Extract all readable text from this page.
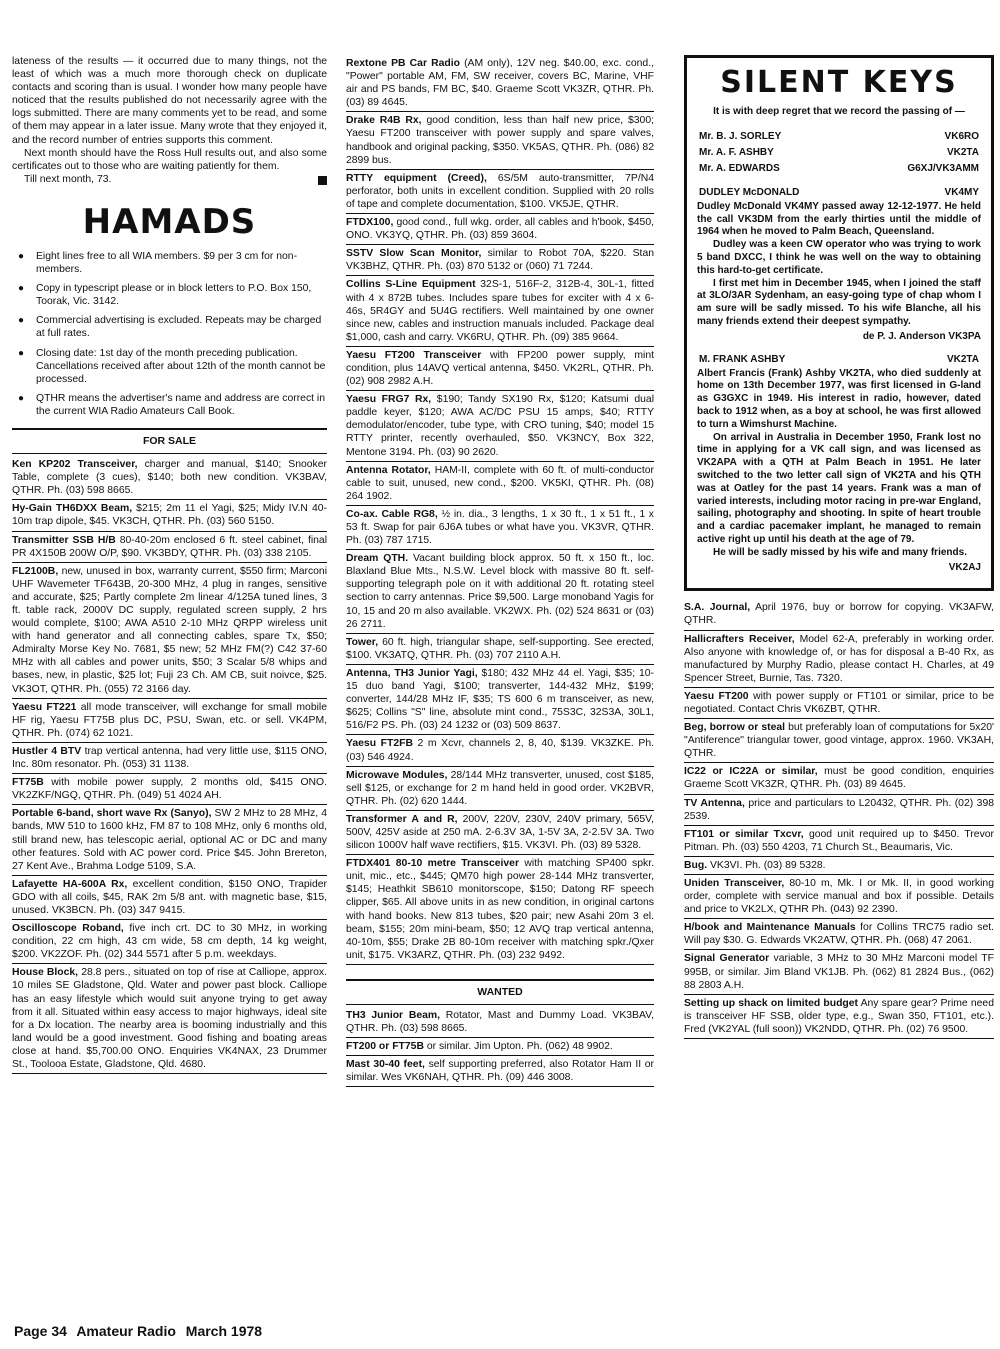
lateness of the results — it occurred due to many things, not the least of which was a much more thorough check on duplicate contacts and scoring than is usual. I wonder how many people have noticed that the results published do not necessarily agree with the logs submitted. There are many comments yet to be read, and some of them may appear in a later issue. Many wrote that they enjoyed it, and the record number of entries supports this comment.

Next month should have the Ross Hull results out, and also some certificates out to those who are waiting patiently for them.

Till next month, 73.

HAMADS
● Eight lines free to all WIA members. $9 per 3 cm for non-members.
● Copy in typescript please or in block letters to P.O. Box 150, Toorak, Vic. 3142.
● Commercial advertising is excluded. Repeats may be charged at full rates.
● Closing date: 1st day of the month preceding publication. Cancellations received after about 12th of the month cannot be processed.
● QTHR means the advertiser's name and address are correct in the current WIA Radio Amateurs Call Book.
FOR SALE

Ken KP202 Transceiver, charger and manual, $140; Snooker Table, complete (3 cues), $140; both new condition. VK3BAV, QTHR. Ph. (03) 598 8665.

Hy-Gain TH6DXX Beam, $215; 2m 11 el Yagi, $25; Midy IV.N 40-10m trap dipole, $45. VK3CH, QTHR. Ph. (03) 560 5150.

Transmitter SSB H/B 80-40-20m enclosed 6 ft. steel cabinet, final PR 4X150B 200W O/P, $90. VK3BDY, QTHR. Ph. (03) 338 2105.

FL2100B, new, unused in box, warranty current, $550 firm; Marconi UHF Wavemeter TF643B, 20-300 MHz, 4 plug in ranges, sensitive and accurate, $25; Partly complete 2m linear 4/125A tuned lines, 3 ft. table rack, 2000V DC supply, regulated screen supply, 2 hrs would complete, $100; AWA A510 2-10 MHz QRPP wireless unit with hand generator and all connecting cables, spare Tx, $50; Admiralty Morse Key No. 7681, $5 new; 52 MHz FM(?) C42 37-60 MHz with all cables and power units, $50; 3 Scalar 5/8 whips and bases, new, in plastic, $25 lot; Fuji 23 Ch. AM CB, suit noivce, $25. VK3OT, QTHR. Ph. (055) 72 3166 day.

Yaesu FT221 all mode transceiver, will exchange for small mobile HF rig, Yaesu FT75B plus DC, PSU, Swan, etc. or sell. VK4PM, QTHR. Ph. (074) 62 1021.

Hustler 4 BTV trap vertical antenna, had very little use, $115 ONO, Inc. 80m resonator. Ph. (053) 31 1138.

FT75B with mobile power supply, 2 months old, $415 ONO. VK2ZKF/NGQ, QTHR. Ph. (049) 51 4024 AH.

Portable 6-band, short wave Rx (Sanyo), SW 2 MHz to 28 MHz, 4 bands, MW 510 to 1600 kHz, FM 87 to 108 MHz, only 6 months old, still brand new, has telescopic aerial, optional AC or DC and many other features. Sold with AC power cord. Price $45. John Brereton, 27 Kent Ave., Brahma Lodge 5109, S.A.

Lafayette HA-600A Rx, excellent condition, $150 ONO, Trapider GDO with all coils, $45, RAK 2m 5/8 ant. with magnetic base, $15, unused. VK3BCN. Ph. (03) 347 9415.

Oscilloscope Roband, five inch crt. DC to 30 MHz, in working condition, 22 cm high, 43 cm wide, 58 cm depth, 14 kg weight, $200. VK2ZOF. Ph. (02) 344 5571 after 5 p.m. weekdays.

House Block, 28.8 pers., situated on top of rise at Calliope, approx. 10 miles SE Gladstone, Qld. Water and power past block. Calliope has an easy lifestyle which would suit anyone trying to get away from it all. Situated within easy access to major highways, ideal site for a Dx location. The nearby area is booming industrially and this land would be a good investment. Good fishing and boating areas close at hand. $5,700.00 ONO. Enquiries VK4NAX, 23 Drummer St., Toolooa Estate, Gladstone, Qld. 4680.

Rextone PB Car Radio (AM only), 12V neg. $40.00, exc. cond., "Power" portable AM, FM, SW receiver, covers BC, Marine, VHF air and PS bands, FM BC, $40. Graeme Scott VK3ZR, QTHR. Ph. (03) 89 4645.

Drake R4B Rx, good condition, less than half new price, $300; Yaesu FT200 transceiver with power supply and spare valves, handbook and original packing, $350. VK5AS, QTHR. Ph. (086) 82 2899 bus.

RTTY equipment (Creed), 6S/5M auto-transmitter, 7P/N4 perforator, both units in excellent condition. Supplied with 20 rolls of tape and complete documentation, $100. VK5JE, QTHR.

FTDX100, good cond., full wkg. order, all cables and h'book, $450, ONO. VK3YQ, QTHR. Ph. (03) 859 3604.

SSTV Slow Scan Monitor, similar to Robot 70A, $220. Stan VK3BHZ, QTHR. Ph. (03) 870 5132 or (060) 71 7244.

Collins S-Line Equipment 32S-1, 516F-2, 312B-4, 30L-1, fitted with 4 x 872B tubes. Includes spare tubes for exciter with 4 x 6-46s, 5R4GY and 5U4G rectifiers. Well maintained by one owner since new, cables and instruction manuals included. Package deal $1,000, cash and carry. VK6RU, QTHR. Ph. (09) 385 9664.

Yaesu FT200 Transceiver with FP200 power supply, mint condition, plus 14AVQ vertical antenna, $450. VK2RL, QTHR. Ph. (02) 908 2982 A.H.

Yaesu FRG7 Rx, $190; Tandy SX190 Rx, $120; Katsumi dual paddle keyer, $120; AWA AC/DC PSU 15 amps, $40; RTTY demodulator/encoder, tube type, with CRO tuning, $40; model 15 RTTY printer, recently overhauled, $50. VK3NCY, Box 322, Mentone 3194. Ph. (03) 90 2620.

Antenna Rotator, HAM-II, complete with 60 ft. of multi-conductor cable to suit, unused, new cond., $200. VK5KI, QTHR. Ph. (08) 264 1902.

Co-ax. Cable RG8, ½ in. dia., 3 lengths, 1 x 30 ft., 1 x 51 ft., 1 x 53 ft. Swap for pair 6J6A tubes or what have you. VK3VR, QTHR. Ph. (03) 787 1715.

Dream QTH. Vacant building block approx. 50 ft. x 150 ft., loc. Blaxland Blue Mts., N.S.W. Level block with massive 80 ft. self-supporting telegraph pole on it with additional 20 ft. rotating steel section to carry antennas. Price $9,500. Large monoband Yagis for 10, 15 and 20 m also available. VK2WX. Ph. (02) 524 8631 or (03) 26 2711.

Tower, 60 ft. high, triangular shape, self-supporting. See erected, $100. VK3ATQ, QTHR. Ph. (03) 707 2110 A.H.

Antenna, TH3 Junior Yagi, $180; 432 MHz 44 el. Yagi, $35; 10-15 duo band Yagi, $100; transverter, 144-432 MHz, $199; converter, 144/28 MHz IF, $35; TS 600 6 m transceiver, as new, $625; Collins "S" line, absolute mint cond., 75S3C, 32S3A, 30L1, 516/F2 PS. Ph. (03) 24 1232 or (03) 509 8637.

Yaesu FT2FB 2 m Xcvr, channels 2, 8, 40, $139. VK3ZKE. Ph. (03) 546 4924.

Microwave Modules, 28/144 MHz transverter, unused, cost $185, sell $125, or exchange for 2 m hand held in good order. VK2BVR, QTHR. Ph. (02) 620 1444.

Transformer A and R, 200V, 220V, 230V, 240V primary, 565V, 500V, 425V aside at 250 mA. 2-6.3V 3A, 1-5V 3A, 2-2.5V 3A. Two silicon 1000V half wave rectifiers, $15. VK3VI. Ph. (03) 89 5328.

FTDX401 80-10 metre Transceiver with matching SP400 spkr. unit, mic., etc., $445; QM70 high power 28-144 MHz transverter, $145; Heathkit SB610 monitorscope, $150; Datong RF speech clipper, $65. All above units in as new condition, in original cartons with hand books. New 813 tubes, $20 pair; new Asahi 20m 3 el. beam, $155; 20m mini-beam, $50; 12 AVQ trap vertical antenna, 40-10m, $55; Drake 2B 80-10m receiver with matching spkr./Qxer unit, $175. VK3ARZ, QTHR. Ph. (03) 232 9492.

WANTED

TH3 Junior Beam, Rotator, Mast and Dummy Load. VK3BAV, QTHR. Ph. (03) 598 8665.

FT200 or FT75B or similar. Jim Upton. Ph. (062) 48 9902.

Mast 30-40 feet, self supporting preferred, also Rotator Ham II or similar. Wes VK6NAH, QTHR. Ph. (09) 446 3008.

SILENT KEYS

It is with deep regret that we record the passing of —

Mr. B. J. SORLEY	VK6RO
Mr. A. F. ASHBY	VK2TA
Mr. A. EDWARDS	G6XJ/VK3AMM
DUDLEY McDONALD	VK4MY

Dudley McDonald VK4MY passed away 12-12-1977. He held the call VK3DM from the early thirties until the middle of 1964 when he moved to Palm Beach, Queensland.

Dudley was a keen CW operator who was trying to work 5 band DXCC, I think he was well on the way to obtaining this hard-to-get certificate.

I first met him in December 1945, when I joined the staff at 3LO/3AR Sydenham, an easy-going type of chap whom I am sure will be sadly missed. To his wife Blanche, all his many friends extend their deepest sympathy.

de P. J. Anderson VK3PA

M. FRANK ASHBY	VK2TA

Albert Francis (Frank) Ashby VK2TA, who died suddenly at home on 13th December 1977, was first licensed in G-land as G3GXC in 1949. His interest in radio, however, dated back to 1912 when, as a boy at school, he was first allowed to turn a Wimshurst Machine.

On arrival in Australia in December 1950, Frank lost no time in applying for a VK call sign, and was licensed as VK2APA with a QTH at Palm Beach in 1951. He later switched to the two letter call sign of VK2TA and his QTH was at Oatley for the past 14 years. Frank was a man of varied interests, including motor racing in pre-war England, sailing, photography and shooting. In spite of heart trouble and a cardiac pacemaker implant, he managed to remain active right up until his death at the age of 79.

He will be sadly missed by his wife and many friends.

VK2AJ

S.A. Journal, April 1976, buy or borrow for copying. VK3AFW, QTHR.

Hallicrafters Receiver, Model 62-A, preferably in working order. Also anyone with knowledge of, or has for disposal a B-40 Rx, as manufactured by Murphy Radio, please contact H. Charles, at 49 Spencer Street, Burnie, Tas. 7320.

Yaesu FT200 with power supply or FT101 or similar, price to be negotiated. Contact Chris VK6ZBT, QTHR.

Beg, borrow or steal but preferably loan of computations for 5x20' "Antiference" triangular tower, good vintage, approx. 1960. VK3AH, QTHR.

IC22 or IC22A or similar, must be good condition, enquiries Graeme Scott VK3ZR, QTHR. Ph. (03) 89 4645.

TV Antenna, price and particulars to L20432, QTHR. Ph. (02) 398 2539.

FT101 or similar Txcvr, good unit required up to $450. Trevor Pitman. Ph. (03) 550 4203, 71 Church St., Beaumaris, Vic.

Bug. VK3VI. Ph. (03) 89 5328.

Uniden Transceiver, 80-10 m, Mk. I or Mk. II, in good working order, complete with service manual and box if possible. Details and price to VK2LX, QTHR Ph. (043) 92 2390.

H/book and Maintenance Manuals for Collins TRC75 radio set. Will pay $30. G. Edwards VK2ATW, QTHR. Ph. (068) 47 2061.

Signal Generator variable, 3 MHz to 30 MHz Marconi model TF 995B, or similar. Jim Bland VK1JB. Ph. (062) 81 2824 Bus., (062) 88 2803 A.H.

Setting up shack on limited budget Any spare gear? Prime need is transceiver HF SSB, older type, e.g., Swan 350, FT101, etc.). Fred (VK2YAL (full soon)) VK2NDD, QTHR. Ph. (02) 76 9500.

Page 34 Amateur Radio March 1978
